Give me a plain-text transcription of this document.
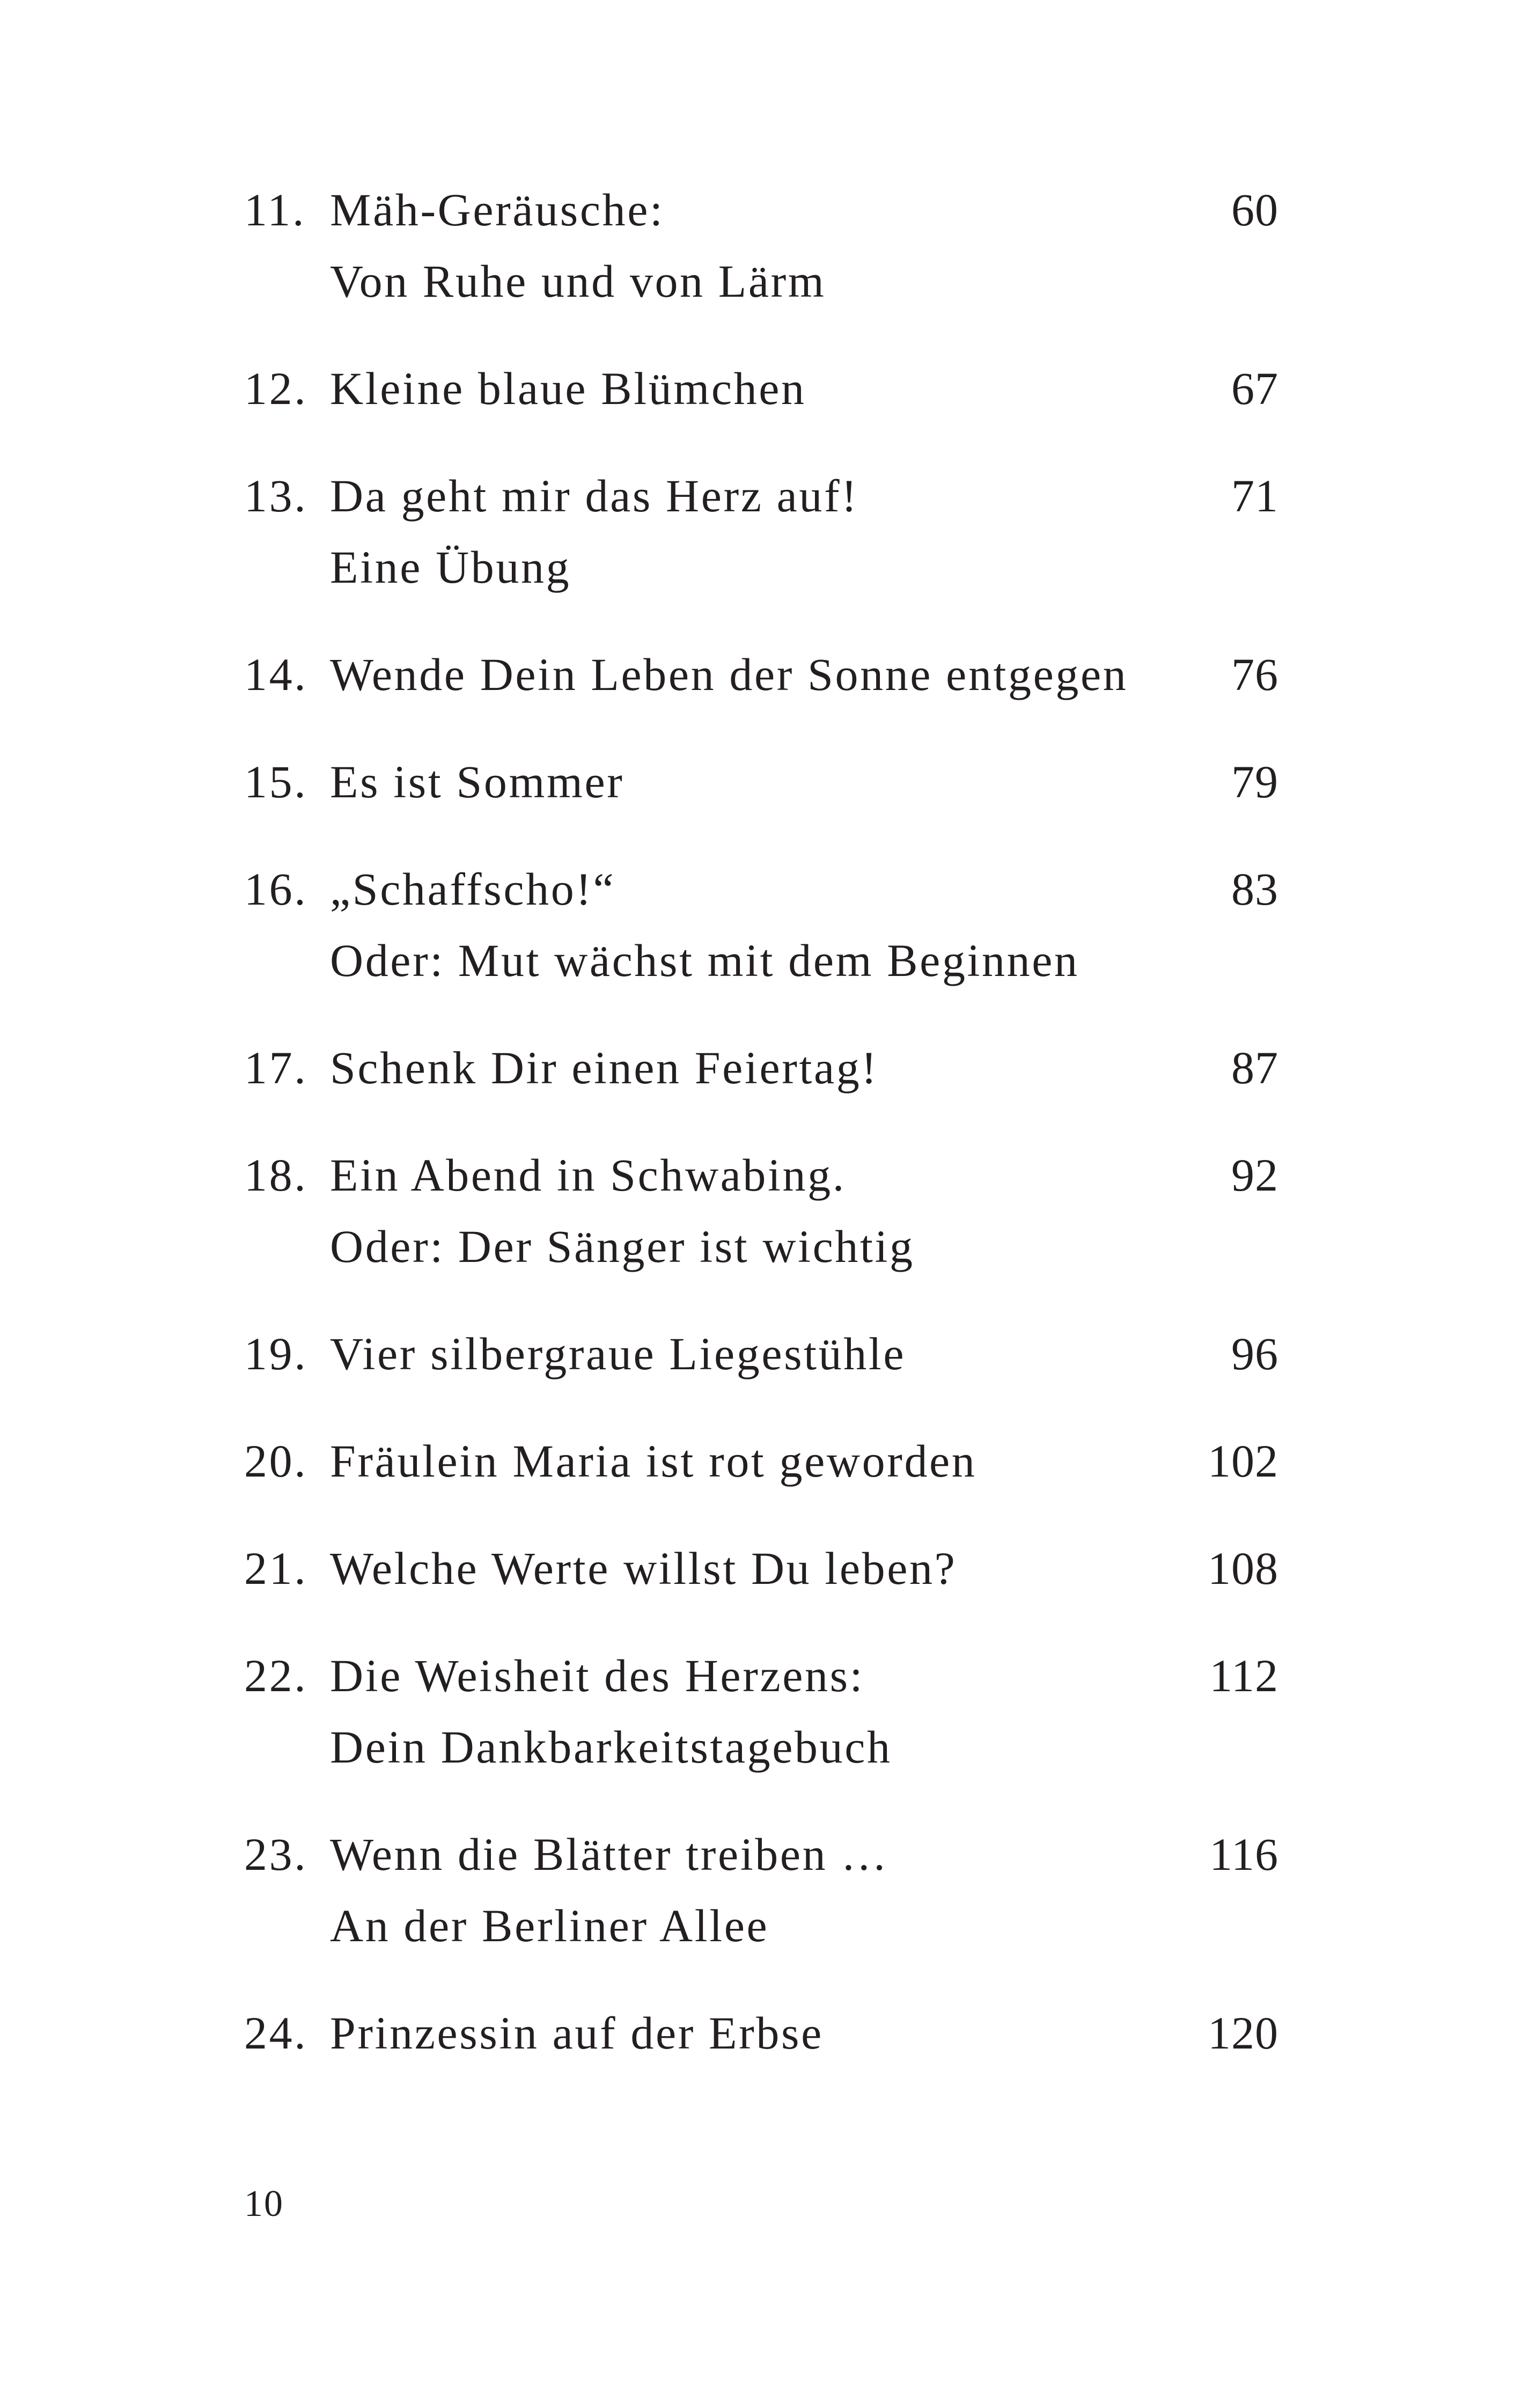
11. Mäh-Geräusche:	60
Von Ruhe und von Lärm
12. Kleine blaue Blümchen	67
13. Da geht mir das Herz auf!	71
Eine Übung
14. Wende Dein Leben der Sonne entgegen 76
15. Es ist Sommer	79
16. „Schaffscho!“	83
Oder: Mut wächst mit dem Beginnen
17. Schenk Dir einen Feiertag!	87
18. Ein Abend in Schwabing.	92
Oder: Der Sänger ist wichtig
19. Vier silbergraue Liegestühle	96
20. Fräulein Maria ist rot geworden	102
21. Welche Werte willst Du leben?	108
22. Die Weisheit des Herzens:	112
Dein Dankbarkeitstagebuch
23. Wenn die Blätter treiben …	116
An der Berliner Allee
24. Prinzessin auf der Erbse	120
10
